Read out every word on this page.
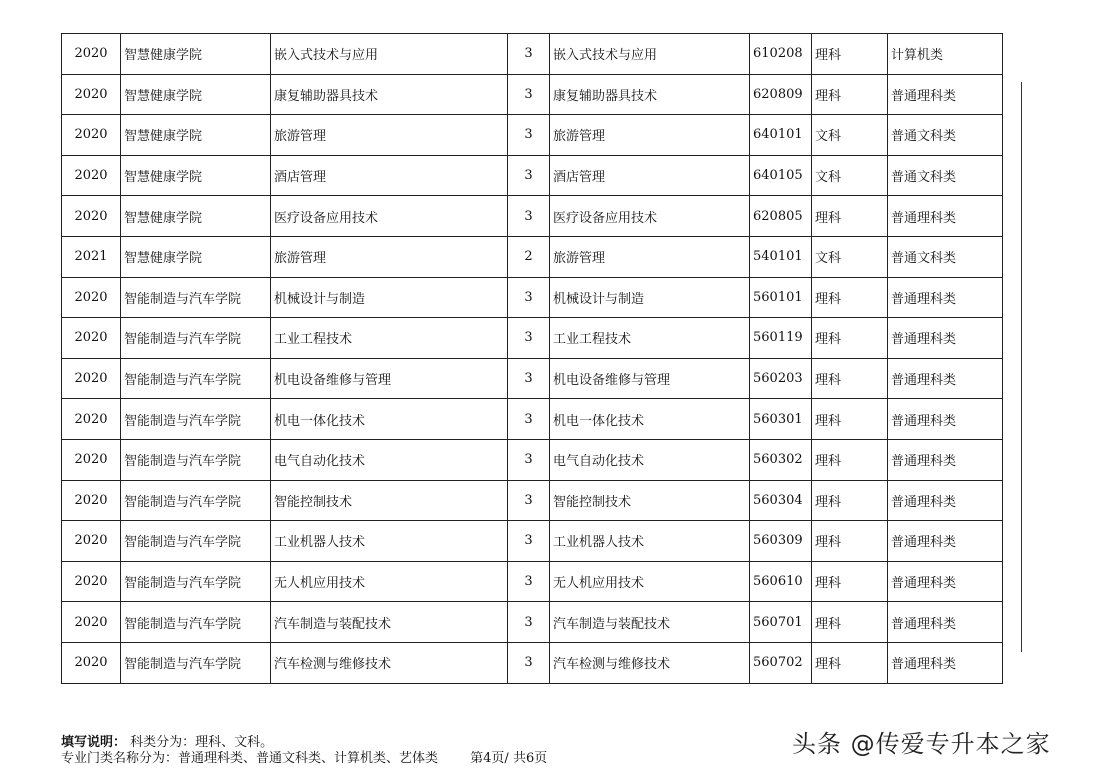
2020	智慧健康学院	嵌入式技术与应用	3	嵌入式技术与应用	610208	理科	计算机类
2020	智慧健康学院	康复辅助器具技术	3	康复辅助器具技术	620809	理科	普通理科类
2020	智慧健康学院	旅游管理	3	旅游管理	640101	文科	普通文科类
2020	智慧健康学院	酒店管理	3	酒店管理	640105	文科	普通文科类
2020	智慧健康学院	医疗设备应用技术	3	医疗设备应用技术	620805	理科	普通理科类
2021	智慧健康学院	旅游管理	2	旅游管理	540101	文科	普通文科类
2020	智能制造与汽车学院	机械设计与制造	3	机械设计与制造	560101	理科	普通理科类
2020	智能制造与汽车学院	工业工程技术	3	工业工程技术	560119	理科	普通理科类
2020	智能制造与汽车学院	机电设备维修与管理	3	机电设备维修与管理	560203	理科	普通理科类
2020	智能制造与汽车学院	机电一体化技术	3	机电一体化技术	560301	理科	普通理科类
2020	智能制造与汽车学院	电气自动化技术	3	电气自动化技术	560302	理科	普通理科类
2020	智能制造与汽车学院	智能控制技术	3	智能控制技术	560304	理科	普通理科类
2020	智能制造与汽车学院	工业机器人技术	3	工业机器人技术	560309	理科	普通理科类
2020	智能制造与汽车学院	无人机应用技术	3	无人机应用技术	560610	理科	普通理科类
2020	智能制造与汽车学院	汽车制造与装配技术	3	汽车制造与装配技术	560701	理科	普通理科类
2020	智能制造与汽车学院	汽车检测与维修技术	3	汽车检测与维修技术	560702	理科	普通理科类
填写说明： 科类分为：理科、文科。
专业门类名称分为：普通理科类、普通文科类、计算机类、艺体类 第4页/ 共6页
头条 @传爱专升本之家
